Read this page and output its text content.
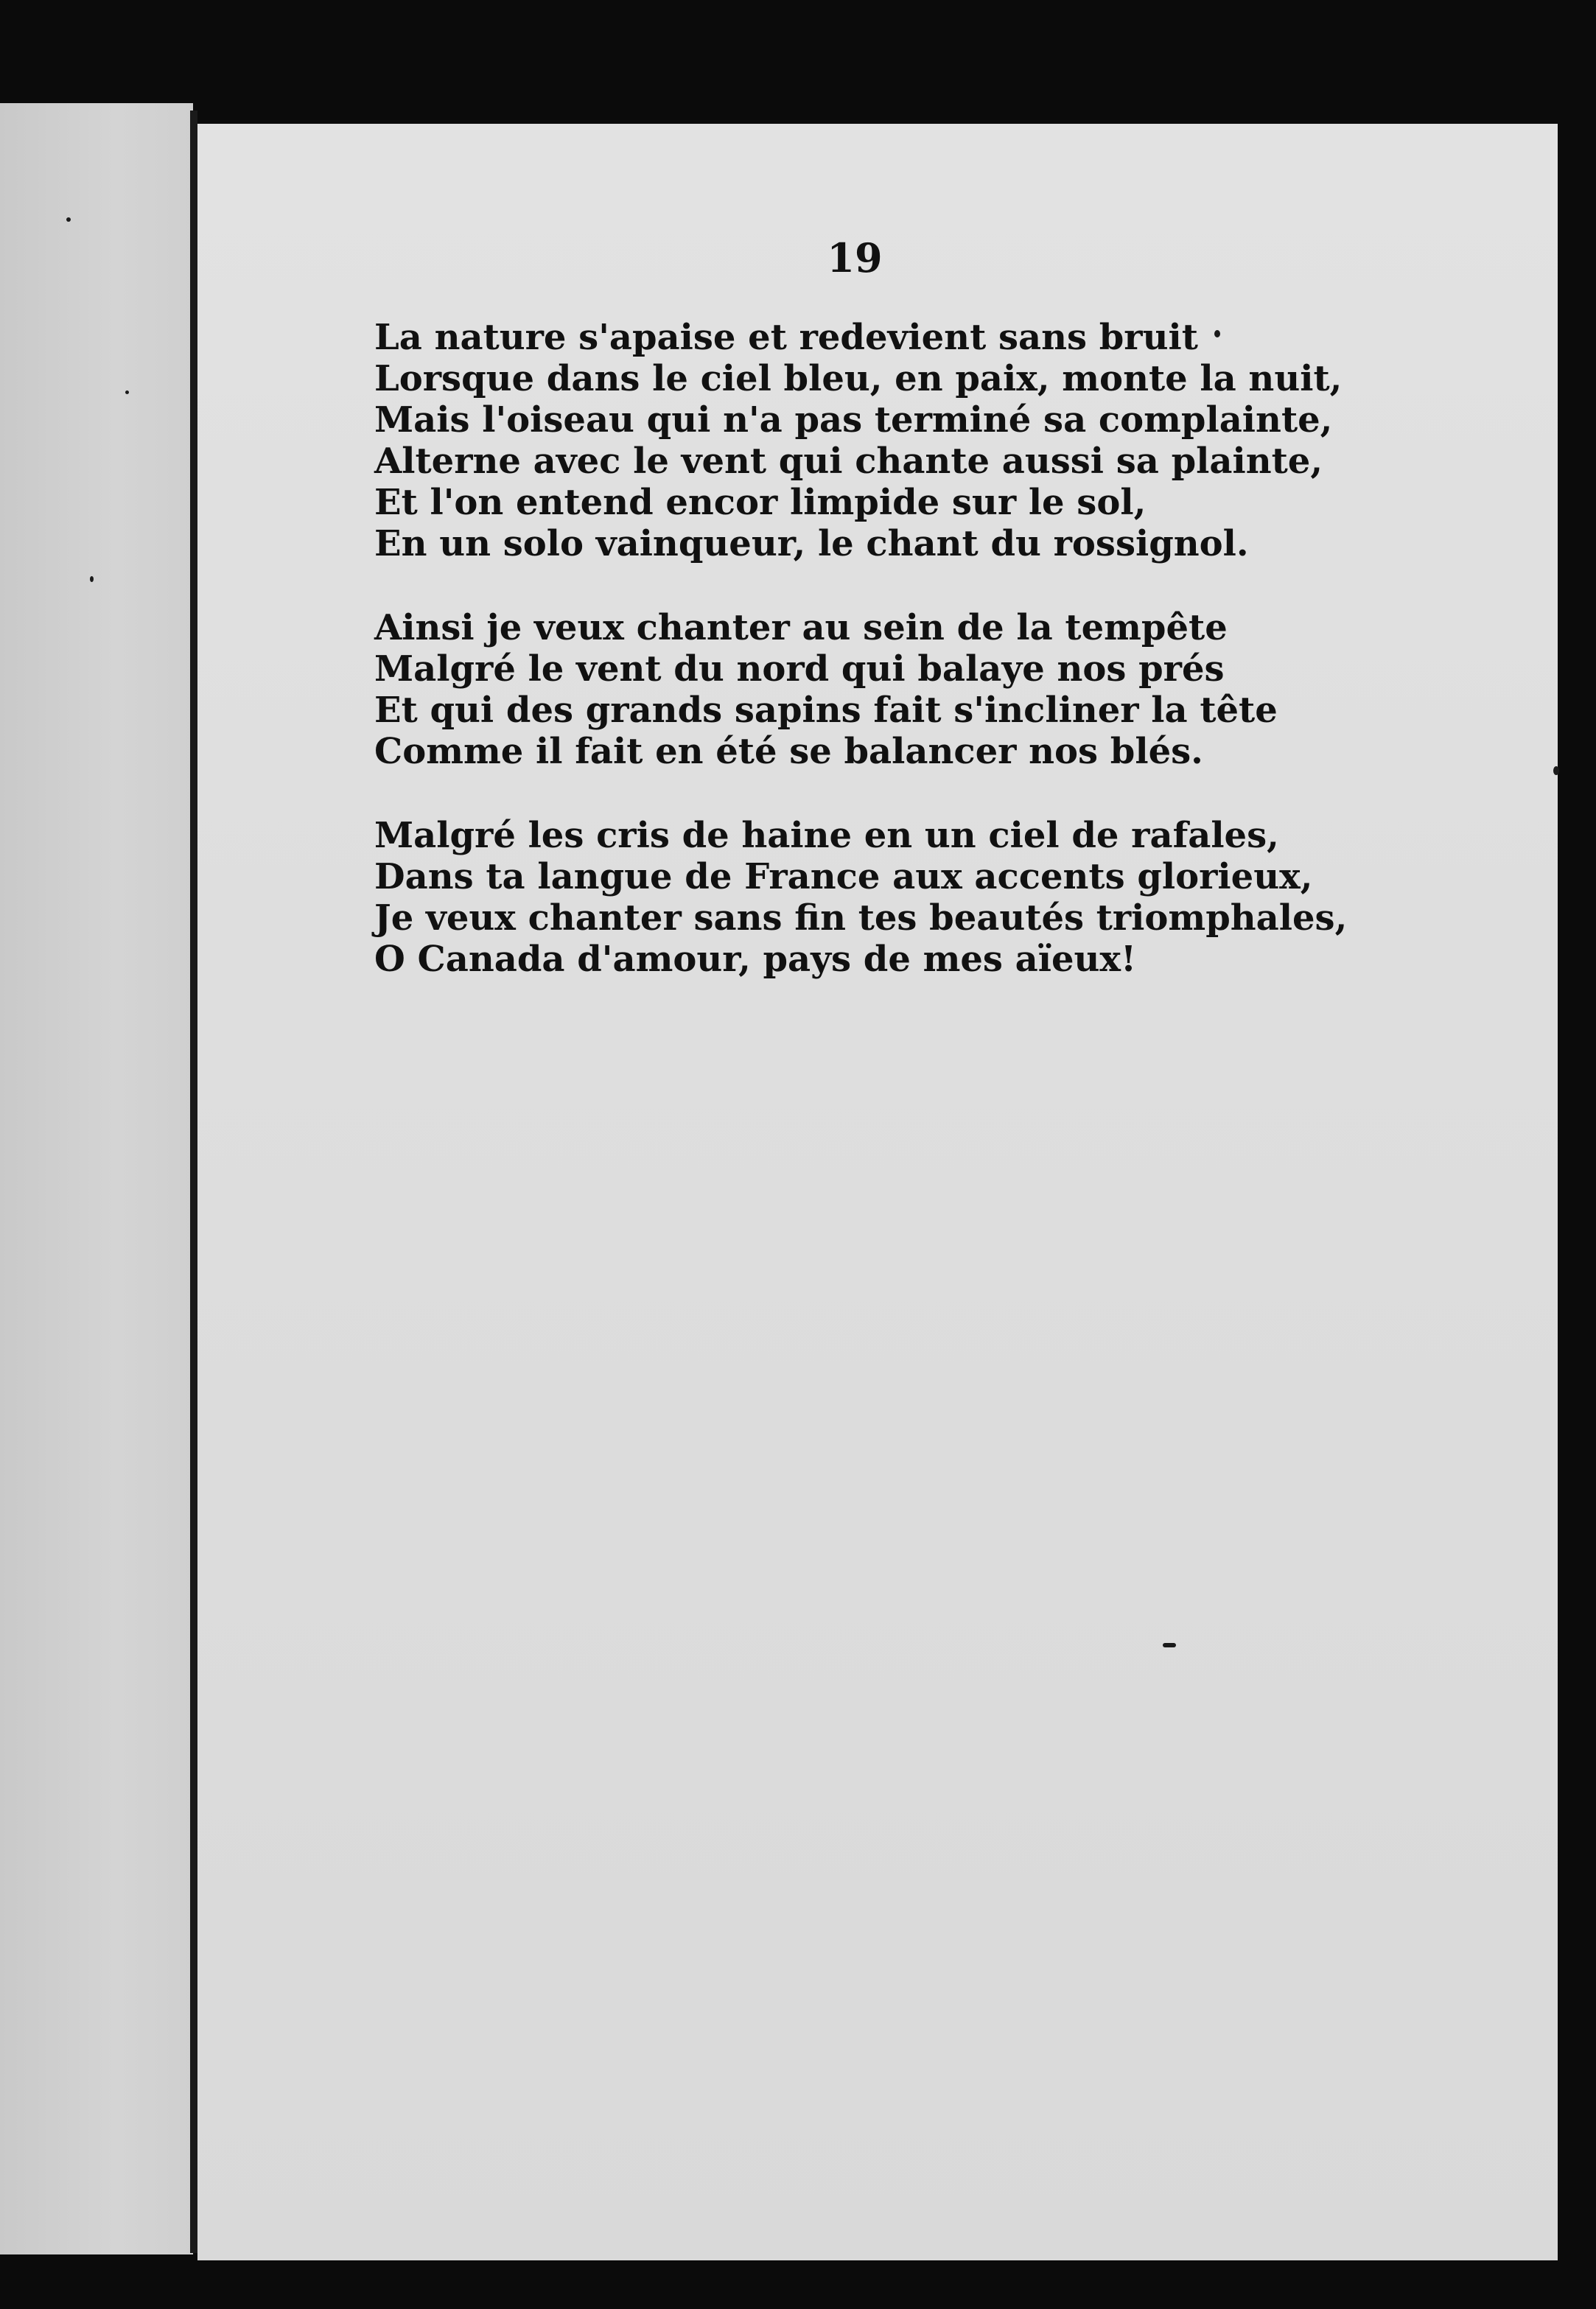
19
La nature s'apaise et redevient sans bruit
Lorsque dans le ciel bleu, en paix, monte la nuit,
Mais l'oiseau qui n'a pas terminé sa complainte,
Alterne avec le vent qui chante aussi sa plainte,
Et l'on entend encor limpide sur le sol,
En un solo vainqueur, le chant du rossignol.
Ainsi je veux chanter au sein de la tempête
Malgré le vent du nord qui balaye nos prés
Et qui des grands sapins fait s'incliner la tête
Comme il fait en été se balancer nos blés.
Malgré les cris de haine en un ciel de rafales,
Dans ta langue de France aux accents glorieux,
Je veux chanter sans fin tes beautés triomphales,
O Canada d'amour, pays de mes aïeux!
